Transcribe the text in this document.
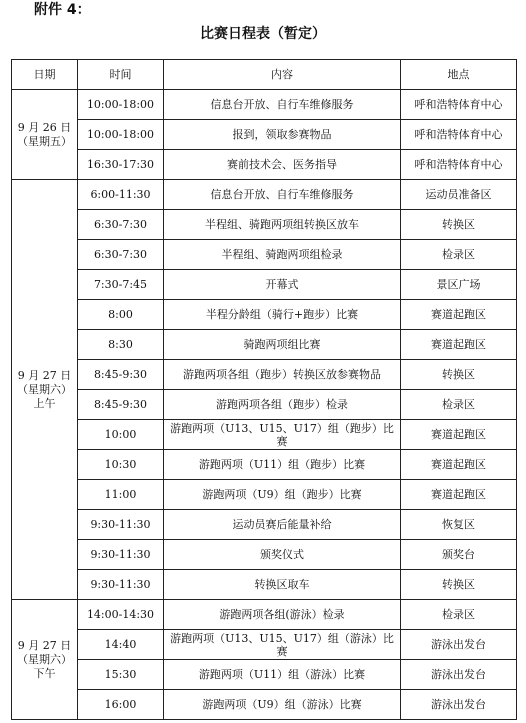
附件 4：
比赛日程表（暂定）
日期	时间	内容	地点
9 月 26 日（星期五）	10:00-18:00	信息台开放、自行车维修服务	呼和浩特体育中心
	10:00-18:00	报到，领取参赛物品	呼和浩特体育中心
	16:30-17:30	赛前技术会、医务指导	呼和浩特体育中心
9 月 27 日（星期六）上午	6:00-11:30	信息台开放、自行车维修服务	运动员准备区
	6:30-7:30	半程组、骑跑两项组转换区放车	转换区
	6:30-7:30	半程组、骑跑两项组检录	检录区
	7:30-7:45	开幕式	景区广场
	8:00	半程分龄组（骑行+跑步）比赛	赛道起跑区
	8:30	骑跑两项组比赛	赛道起跑区
	8:45-9:30	游跑两项各组（跑步）转换区放参赛物品	转换区
	8:45-9:30	游跑两项各组（跑步）检录	检录区
	10:00	游跑两项（U13、U15、U17）组（跑步）比赛	赛道起跑区
	10:30	游跑两项（U11）组（跑步）比赛	赛道起跑区
	11:00	游跑两项（U9）组（跑步）比赛	赛道起跑区
	9:30-11:30	运动员赛后能量补给	恢复区
	9:30-11:30	颁奖仪式	颁奖台
	9:30-11:30	转换区取车	转换区
9 月 27 日（星期六）下午	14:00-14:30	游跑两项各组(游泳）检录	检录区
	14:40	游跑两项（U13、U15、U17）组（游泳）比赛	游泳出发台
	15:30	游跑两项（U11）组（游泳）比赛	游泳出发台
	16:00	游跑两项（U9）组（游泳）比赛	游泳出发台
